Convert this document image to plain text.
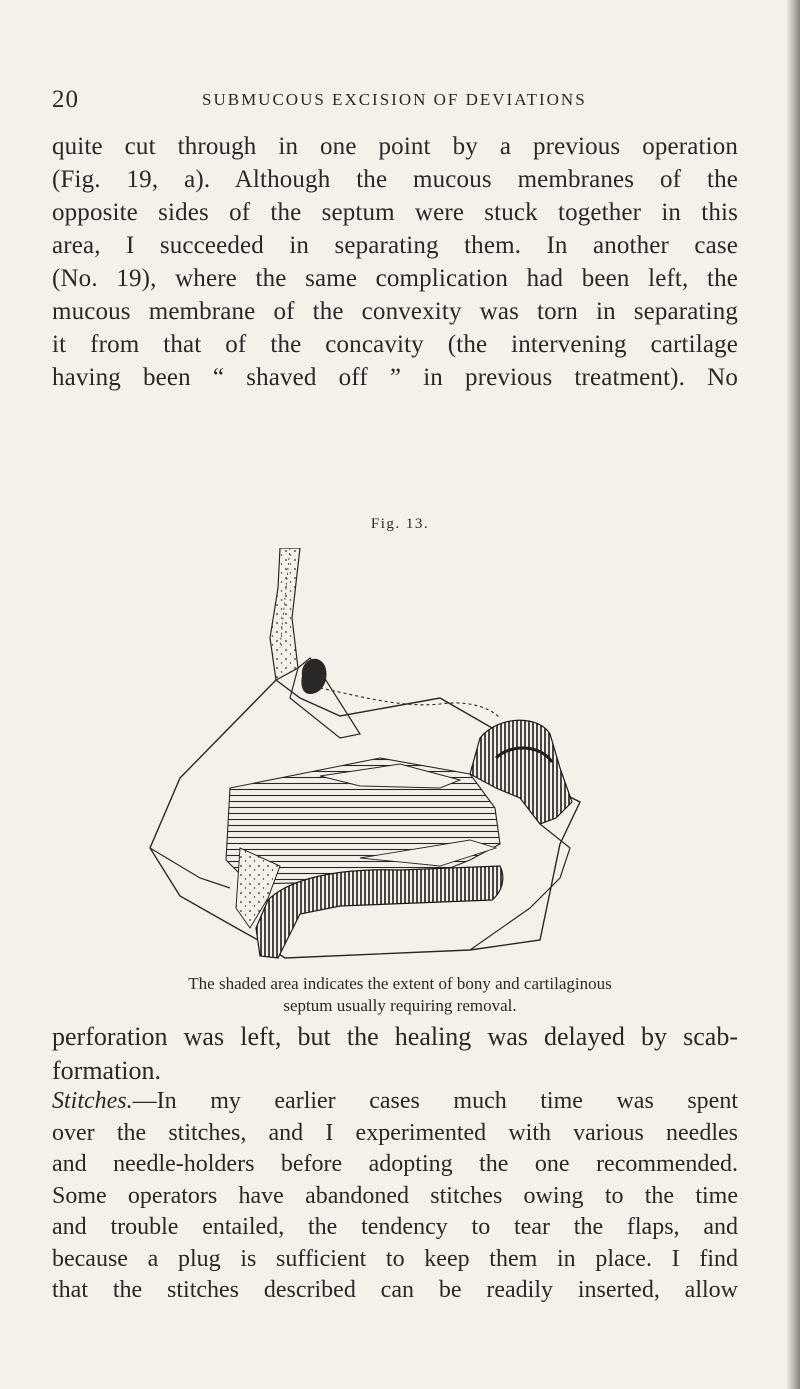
20	SUBMUCOUS EXCISION OF DEVIATIONS

quite cut through in one point by a previous operation
(Fig. 19, a). Although the mucous membranes of the
opposite sides of the septum were stuck together in this
area, I succeeded in separating them. In another case
(No. 19), where the same complication had been left, the
mucous membrane of the convexity was torn in separating
it from that of the concavity (the intervening cartilage
having been “ shaved off ” in previous treatment). No

Fig. 13.
The shaded area indicates the extent of bony and cartilaginous
septum usually requiring removal.

perforation was left, but the healing was delayed by scab-
formation.

Stitches.—In my earlier cases much time was spent
over the stitches, and I experimented with various needles
and needle-holders before adopting the one recommended.
Some operators have abandoned stitches owing to the time
and trouble entailed, the tendency to tear the flaps, and
because a plug is sufficient to keep them in place. I find
that the stitches described can be readily inserted, allow
